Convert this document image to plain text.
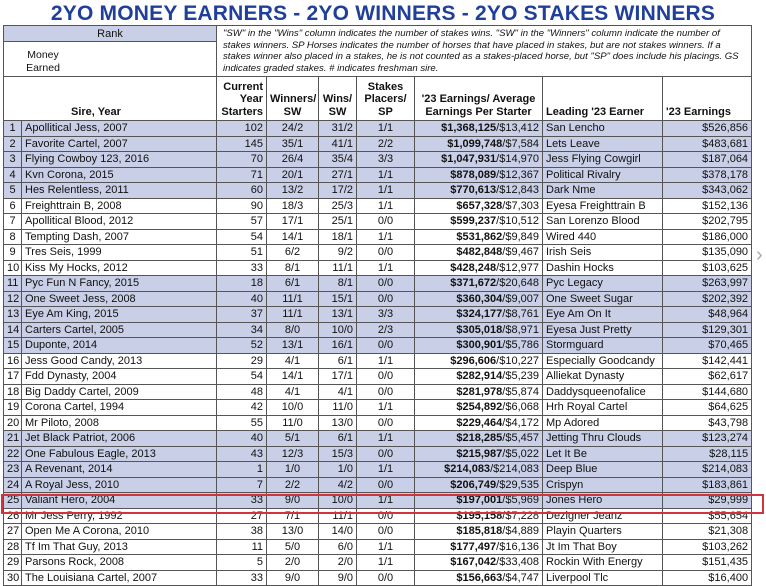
2YO MONEY EARNERS - 2YO WINNERS - 2YO STAKES WINNERS
Rank		"SW" in the "Wins" column indicates the number of stakes wins. "SW" in the "Winners" column indicate the number of stakes winners. SP Horses indicates the number of horses that have placed in stakes, but are not stakes winners. If a stakes winner also placed in a stakes, he is not counted as a stakes-placed horse, but "SP" does include his placings. GS indicates graded stakes. # indicates freshman sire.						

Money Earned
Sire, Year		Current Year Starters	Winners/ SW	Wins/ SW	Stakes Placers/ SP	'23 Earnings/ Average Earnings Per Starter	Leading '23 Earner	'23 Earnings
1	Apollitical Jess, 2007	102	24/2	31/2	1/1	$1,368,125/$13,412	San Lencho	$526,856
2	Favorite Cartel, 2007	145	35/1	41/1	2/2	$1,099,748/$7,584	Lets Leave	$483,681
3	Flying Cowboy 123, 2016	70	26/4	35/4	3/3	$1,047,931/$14,970	Jess Flying Cowgirl	$187,064
4	Kvn Corona, 2015	71	20/1	27/1	1/1	$878,089/$12,367	Political Rivalry	$378,178
5	Hes Relentless, 2011	60	13/2	17/2	1/1	$770,613/$12,843	Dark Nme	$343,062
6	Freighttrain B, 2008	90	18/3	25/3	1/1	$657,328/$7,303	Eyesa Freighttrain B	$152,136
7	Apollitical Blood, 2012	57	17/1	25/1	0/0	$599,237/$10,512	San Lorenzo Blood	$202,795
8	Tempting Dash, 2007	54	14/1	18/1	1/1	$531,862/$9,849	Wired 440	$186,000
9	Tres Seis, 1999	51	6/2	9/2	0/0	$482,848/$9,467	Irish Seis	$135,090
10	Kiss My Hocks, 2012	33	8/1	11/1	1/1	$428,248/$12,977	Dashin Hocks	$103,625
11	Pyc Fun N Fancy, 2015	18	6/1	8/1	0/0	$371,672/$20,648	Pyc Legacy	$263,997
12	One Sweet Jess, 2008	40	11/1	15/1	0/0	$360,304/$9,007	One Sweet Sugar	$202,392
13	Eye Am King, 2015	37	11/1	13/1	3/3	$324,177/$8,761	Eye Am On It	$48,964
14	Carters Cartel, 2005	34	8/0	10/0	2/3	$305,018/$8,971	Eyesa Just Pretty	$129,301
15	Duponte, 2014	52	13/1	16/1	0/0	$300,901/$5,786	Stormguard	$70,465
16	Jess Good Candy, 2013	29	4/1	6/1	1/1	$296,606/$10,227	Especially Goodcandy	$142,441
17	Fdd Dynasty, 2004	54	14/1	17/1	0/0	$282,914/$5,239	Alliekat Dynasty	$62,617
18	Big Daddy Cartel, 2009	48	4/1	4/1	0/0	$281,978/$5,874	Daddysqueenofalice	$144,680
19	Corona Cartel, 1994	42	10/0	11/0	1/1	$254,892/$6,068	Hrh Royal Cartel	$64,625
20	Mr Piloto, 2008	55	11/0	13/0	0/0	$229,464/$4,172	Mp Adored	$43,798
21	Jet Black Patriot, 2006	40	5/1	6/1	1/1	$218,285/$5,457	Jetting Thru Clouds	$123,274
22	One Fabulous Eagle, 2013	43	12/3	15/3	0/0	$215,987/$5,022	Let It Be	$28,115
23	A Revenant, 2014	1	1/0	1/0	1/1	$214,083/$214,083	Deep Blue	$214,083
24	A Royal Jess, 2010	7	2/2	4/2	0/0	$206,749/$29,535	Crispyn	$183,861
25	Valiant Hero, 2004	33	9/0	10/0	1/1	$197,001/$5,969	Jones Hero	$29,999
26	Mr Jess Perry, 1992	27	7/1	11/1	0/0	$195,158/$7,228	Dezigner Jeanz	$55,654
27	Open Me A Corona, 2010	38	13/0	14/0	0/0	$185,818/$4,889	Playin Quarters	$21,308
28	Tf Im That Guy, 2013	11	5/0	6/0	1/1	$177,497/$16,136	Jt Im That Boy	$103,262
29	Parsons Rock, 2008	5	2/0	2/0	1/1	$167,042/$33,408	Rockin With Energy	$151,435
30	The Louisiana Cartel, 2007	33	9/0	9/0	0/0	$156,663/$4,747	Liverpool Tlc	$16,400
›
